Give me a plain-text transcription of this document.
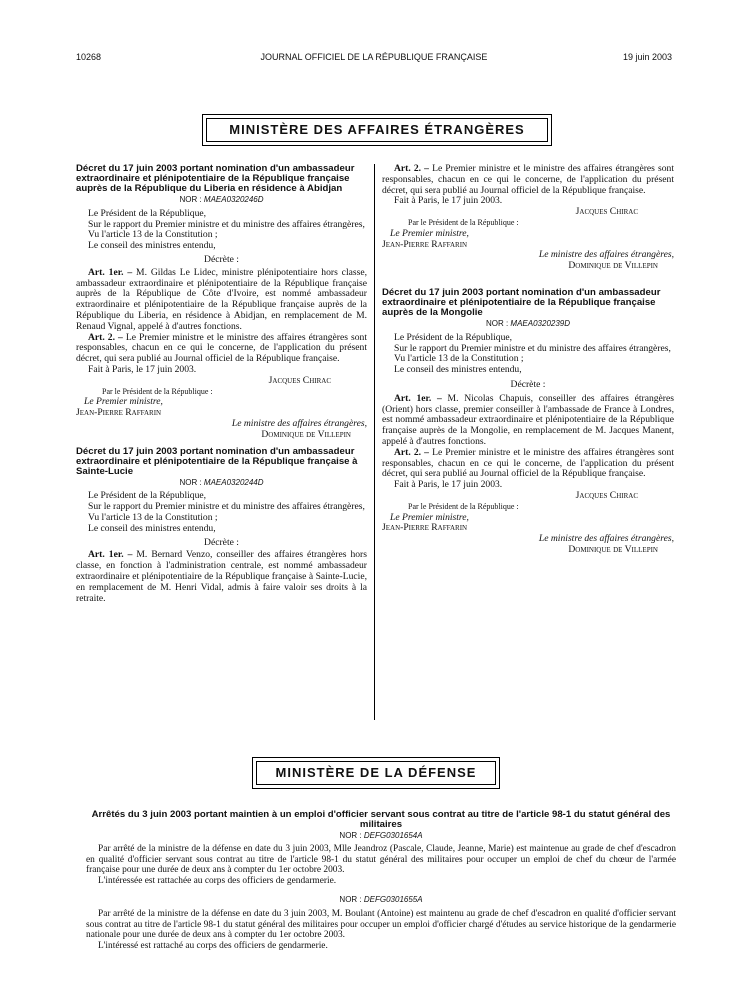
10268	JOURNAL OFFICIEL DE LA RÉPUBLIQUE FRANÇAISE	19 juin 2003
MINISTÈRE DES AFFAIRES ÉTRANGÈRES
Décret du 17 juin 2003 portant nomination d'un ambassadeur extraordinaire et plénipotentiaire de la République française auprès de la République du Liberia en résidence à Abidjan
NOR : MAEA0320246D

Le Président de la République,

Sur le rapport du Premier ministre et du ministre des affaires étrangères,

Vu l'article 13 de la Constitution ;

Le conseil des ministres entendu,

Décrète :

Art. 1er. – M. Gildas Le Lidec, ministre plénipotentiaire hors classe, ambassadeur extraordinaire et plénipotentiaire de la République française auprès de la République de Côte d'Ivoire, est nommé ambassadeur extraordinaire et plénipotentiaire de la République française auprès de la République du Liberia, en résidence à Abidjan, en remplacement de M. Renaud Vignal, appelé à d'autres fonctions.

Art. 2. – Le Premier ministre et le ministre des affaires étrangères sont responsables, chacun en ce qui le concerne, de l'application du présent décret, qui sera publié au Journal officiel de la République française.

Fait à Paris, le 17 juin 2003.

Jacques Chirac

Par le Président de la République :

Le Premier ministre,

Jean-Pierre Raffarin

Le ministre des affaires étrangères,

Dominique de Villepin

Décret du 17 juin 2003 portant nomination d'un ambassadeur extraordinaire et plénipotentiaire de la République française à Sainte-Lucie
NOR : MAEA0320244D

Le Président de la République,

Sur le rapport du Premier ministre et du ministre des affaires étrangères,

Vu l'article 13 de la Constitution ;

Le conseil des ministres entendu,

Décrète :

Art. 1er. – M. Bernard Venzo, conseiller des affaires étrangères hors classe, en fonction à l'administration centrale, est nommé ambassadeur extraordinaire et plénipotentiaire de la République française à Sainte-Lucie, en remplacement de M. Henri Vidal, admis à faire valoir ses droits à la retraite.

Art. 2. – Le Premier ministre et le ministre des affaires étrangères sont responsables, chacun en ce qui le concerne, de l'application du présent décret, qui sera publié au Journal officiel de la République française.

Fait à Paris, le 17 juin 2003.

Jacques Chirac

Par le Président de la République :

Le Premier ministre,

Jean-Pierre Raffarin

Le ministre des affaires étrangères,

Dominique de Villepin

Décret du 17 juin 2003 portant nomination d'un ambassadeur extraordinaire et plénipotentiaire de la République française auprès de la Mongolie
NOR : MAEA0320239D

Le Président de la République,

Sur le rapport du Premier ministre et du ministre des affaires étrangères,

Vu l'article 13 de la Constitution ;

Le conseil des ministres entendu,

Décrète :

Art. 1er. – M. Nicolas Chapuis, conseiller des affaires étrangères (Orient) hors classe, premier conseiller à l'ambassade de France à Londres, est nommé ambassadeur extraordinaire et plénipotentiaire de la République française auprès de la Mongolie, en remplacement de M. Jacques Manent, appelé à d'autres fonctions.

Art. 2. – Le Premier ministre et le ministre des affaires étrangères sont responsables, chacun en ce qui le concerne, de l'application du présent décret, qui sera publié au Journal officiel de la République française.

Fait à Paris, le 17 juin 2003.

Jacques Chirac

Par le Président de la République :

Le Premier ministre,

Jean-Pierre Raffarin

Le ministre des affaires étrangères,

Dominique de Villepin

MINISTÈRE DE LA DÉFENSE
Arrêtés du 3 juin 2003 portant maintien à un emploi d'officier servant sous contrat au titre de l'article 98-1 du statut général des militaires
NOR : DEFG0301654A

Par arrêté de la ministre de la défense en date du 3 juin 2003, Mlle Jeandroz (Pascale, Claude, Jeanne, Marie) est maintenue au grade de chef d'escadron en qualité d'officier servant sous contrat au titre de l'article 98-1 du statut général des militaires pour occuper un emploi de chef du chœur de l'armée française pour une durée de deux ans à compter du 1er octobre 2003.

L'intéressée est rattachée au corps des officiers de gendarmerie.

NOR : DEFG0301655A

Par arrêté de la ministre de la défense en date du 3 juin 2003, M. Boulant (Antoine) est maintenu au grade de chef d'escadron en qualité d'officier servant sous contrat au titre de l'article 98-1 du statut général des militaires pour occuper un emploi d'officier chargé d'études au service historique de la gendarmerie nationale pour une durée de deux ans à compter du 1er octobre 2003.

L'intéressé est rattaché au corps des officiers de gendarmerie.
